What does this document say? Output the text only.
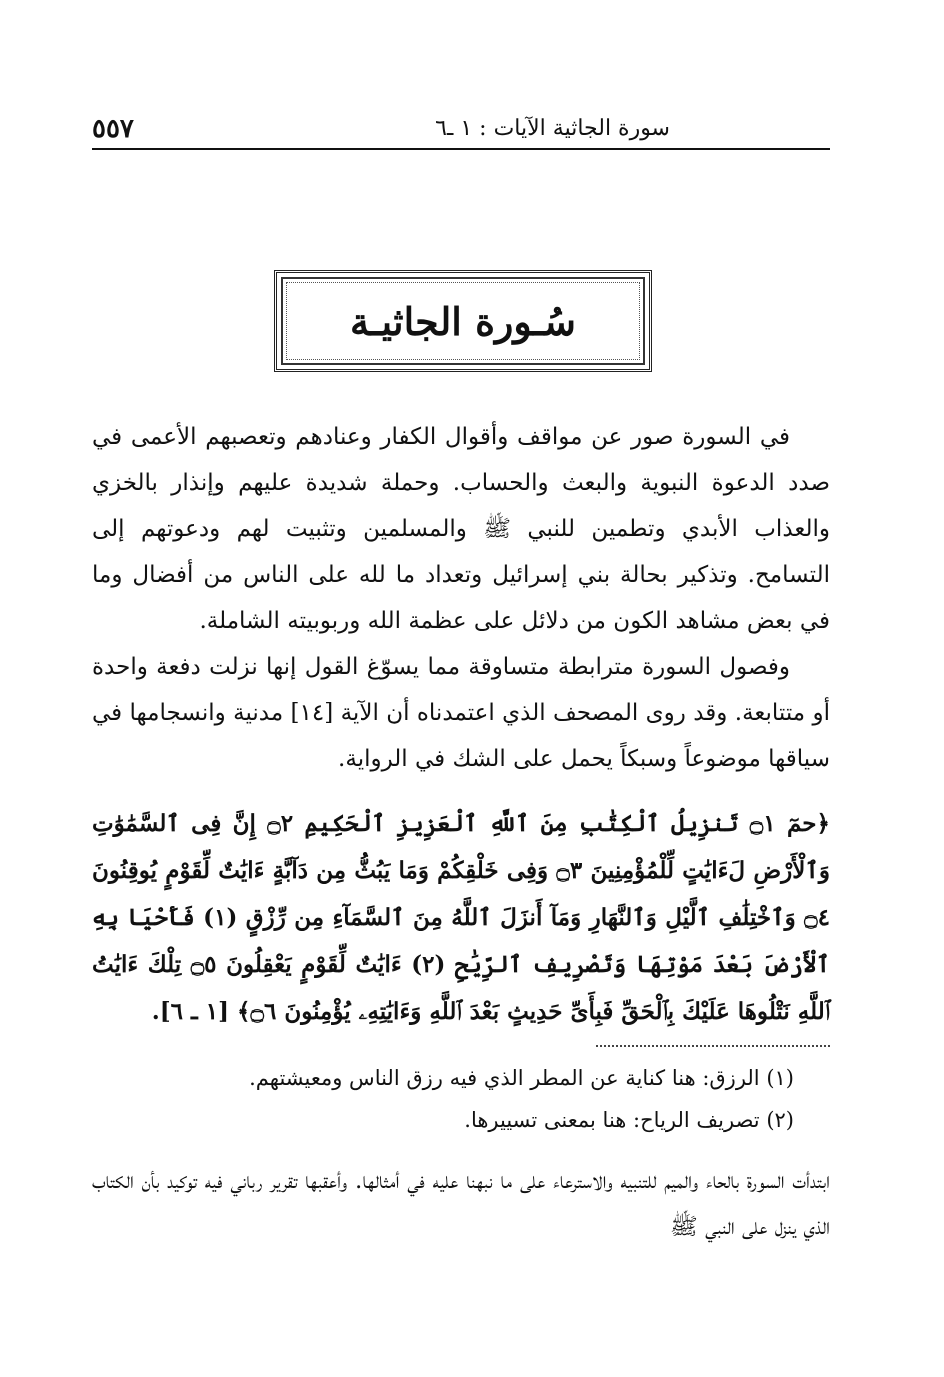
سورة الجاثية الآيات : ١ ـ٦
٥٥٧
سُـورة الجاثيـة
في السورة صور عن مواقف وأقوال الكفار وعنادهم وتعصبهم الأعمى في صدد الدعوة النبوية والبعث والحساب. وحملة شديدة عليهم وإنذار بالخزي والعذاب الأبدي وتطمين للنبي ﷺ والمسلمين وتثبيت لهم ودعوتهم إلى التسامح. وتذكير بحالة بني إسرائيل وتعداد ما لله على الناس من أفضال وما في بعض مشاهد الكون من دلائل على عظمة الله وربوبيته الشاملة.
وفصول السورة مترابطة متساوقة مما يسوّغ القول إنها نزلت دفعة واحدة أو متتابعة. وقد روى المصحف الذي اعتمدناه أن الآية [١٤] مدنية وانسجامها في سياقها موضوعاً وسبكاً يحمل على الشك في الرواية.
﴿حمٓ ۝١ تَنزِيلُ ٱلْكِتَٰبِ مِنَ ٱللَّهِ ٱلْعَزِيزِ ٱلْحَكِيمِ ۝٢ إِنَّ فِى ٱلسَّمَٰوَٰتِ وَٱلْأَرْضِ لَءَايَٰتٍ لِّلْمُؤْمِنِينَ ۝٣ وَفِى خَلْقِكُمْ وَمَا يَبُثُّ مِن دَآبَّةٍ ءَايَٰتٌ لِّقَوْمٍ يُوقِنُونَ ۝٤ وَٱخْتِلَٰفِ ٱلَّيْلِ وَٱلنَّهَارِ وَمَآ أَنزَلَ ٱللَّهُ مِنَ ٱلسَّمَآءِ مِن رِّزْقٍ (١) فَأَحْيَا بِهِ ٱلْأَرْضَ بَعْدَ مَوْتِهَا وَتَصْرِيفِ ٱلرِّيَٰحِ (٢) ءَايَٰتٌ لِّقَوْمٍ يَعْقِلُونَ ۝٥ تِلْكَ ءَايَٰتُ ٱللَّهِ نَتْلُوهَا عَلَيْكَ بِٱلْحَقِّ فَبِأَىِّ حَدِيثٍ بَعْدَ ٱللَّهِ وَءَايَٰتِهِۦ يُؤْمِنُونَ ۝٦﴾ [١ ـ ٦].
(١) الرزق: هنا كناية عن المطر الذي فيه رزق الناس ومعيشتهم.
(٢) تصريف الرياح: هنا بمعنى تسييرها.
ابتدأت السورة بالحاء والميم للتنبيه والاسترعاء على ما نبهنا عليه في أمثالها. وأعقبها تقرير رباني فيه توكيد بأن الكتاب الذي ينزل على النبي ﷺ
